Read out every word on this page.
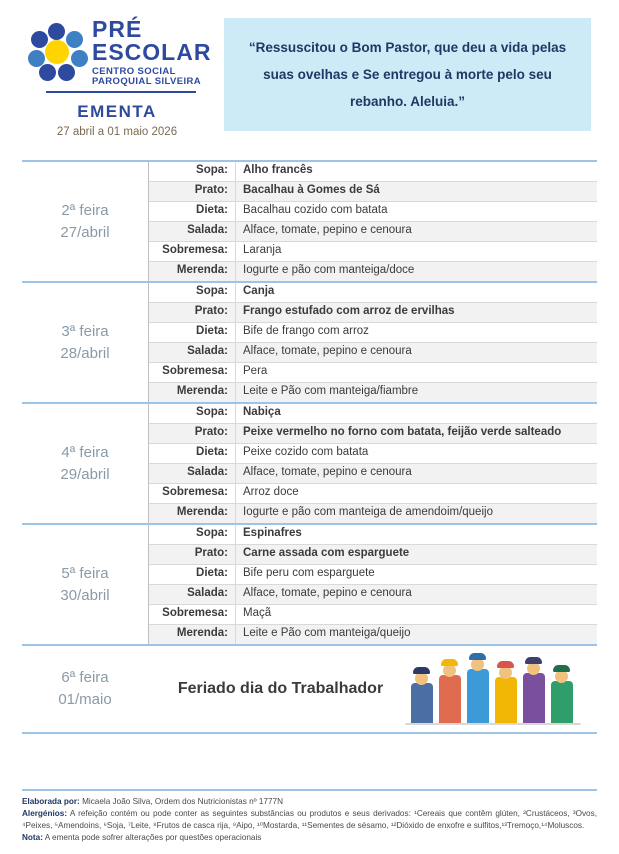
PRÉ ESCOLAR
CENTRO SOCIAL
PAROQUIAL SILVEIRA
EMENTA
27 abril a 01 maio 2026
“Ressuscitou o Bom Pastor, que deu a vida pelas suas ovelhas e Se entregou à morte pelo seu rebanho. Aleluia.”
2ª feira
27/abril
Sopa:	Alho francês
Prato:	Bacalhau à Gomes de Sá
Dieta:	Bacalhau cozido com batata
Salada:	Alface, tomate, pepino e cenoura
Sobremesa:	Laranja
Merenda:	Iogurte e pão com manteiga/doce
3ª feira
28/abril
Sopa:	Canja
Prato:	Frango estufado com arroz de ervilhas
Dieta:	Bife de frango com arroz
Salada:	Alface, tomate, pepino e cenoura
Sobremesa:	Pera
Merenda:	Leite e Pão com manteiga/fiambre
4ª feira
29/abril
Sopa:	Nabiça
Prato:	Peixe vermelho no forno com batata, feijão verde salteado
Dieta:	Peixe cozido com batata
Salada:	Alface, tomate, pepino e cenoura
Sobremesa:	Arroz doce
Merenda:	Iogurte e pão com manteiga de amendoim/queijo
5ª feira
30/abril
Sopa:	Espinafres
Prato:	Carne assada com esparguete
Dieta:	Bife peru com esparguete
Salada:	Alface, tomate, pepino e cenoura
Sobremesa:	Maçã
Merenda:	Leite e Pão com manteiga/queijo
6ª feira
01/maio
Feriado dia do Trabalhador
Elaborada por: Micaela João Silva, Ordem dos Nutricionistas nº 1777N
Alergénios: A refeição contém ou pode conter as seguintes substâncias ou produtos e seus derivados: ¹Cereais que contêm glúten, ²Crustáceos, ³Ovos, ⁴Peixes, ⁵Amendoins, ⁶Soja, ⁷Leite, ⁸Frutos de casca rija, ⁹Aipo, ¹⁰Mostarda, ¹¹Sementes de sésamo, ¹²Dióxido de enxofre e sulfitos,¹³Tremoço,¹⁴Moluscos.
Nota: A ementa pode sofrer alterações por questões operacionais
